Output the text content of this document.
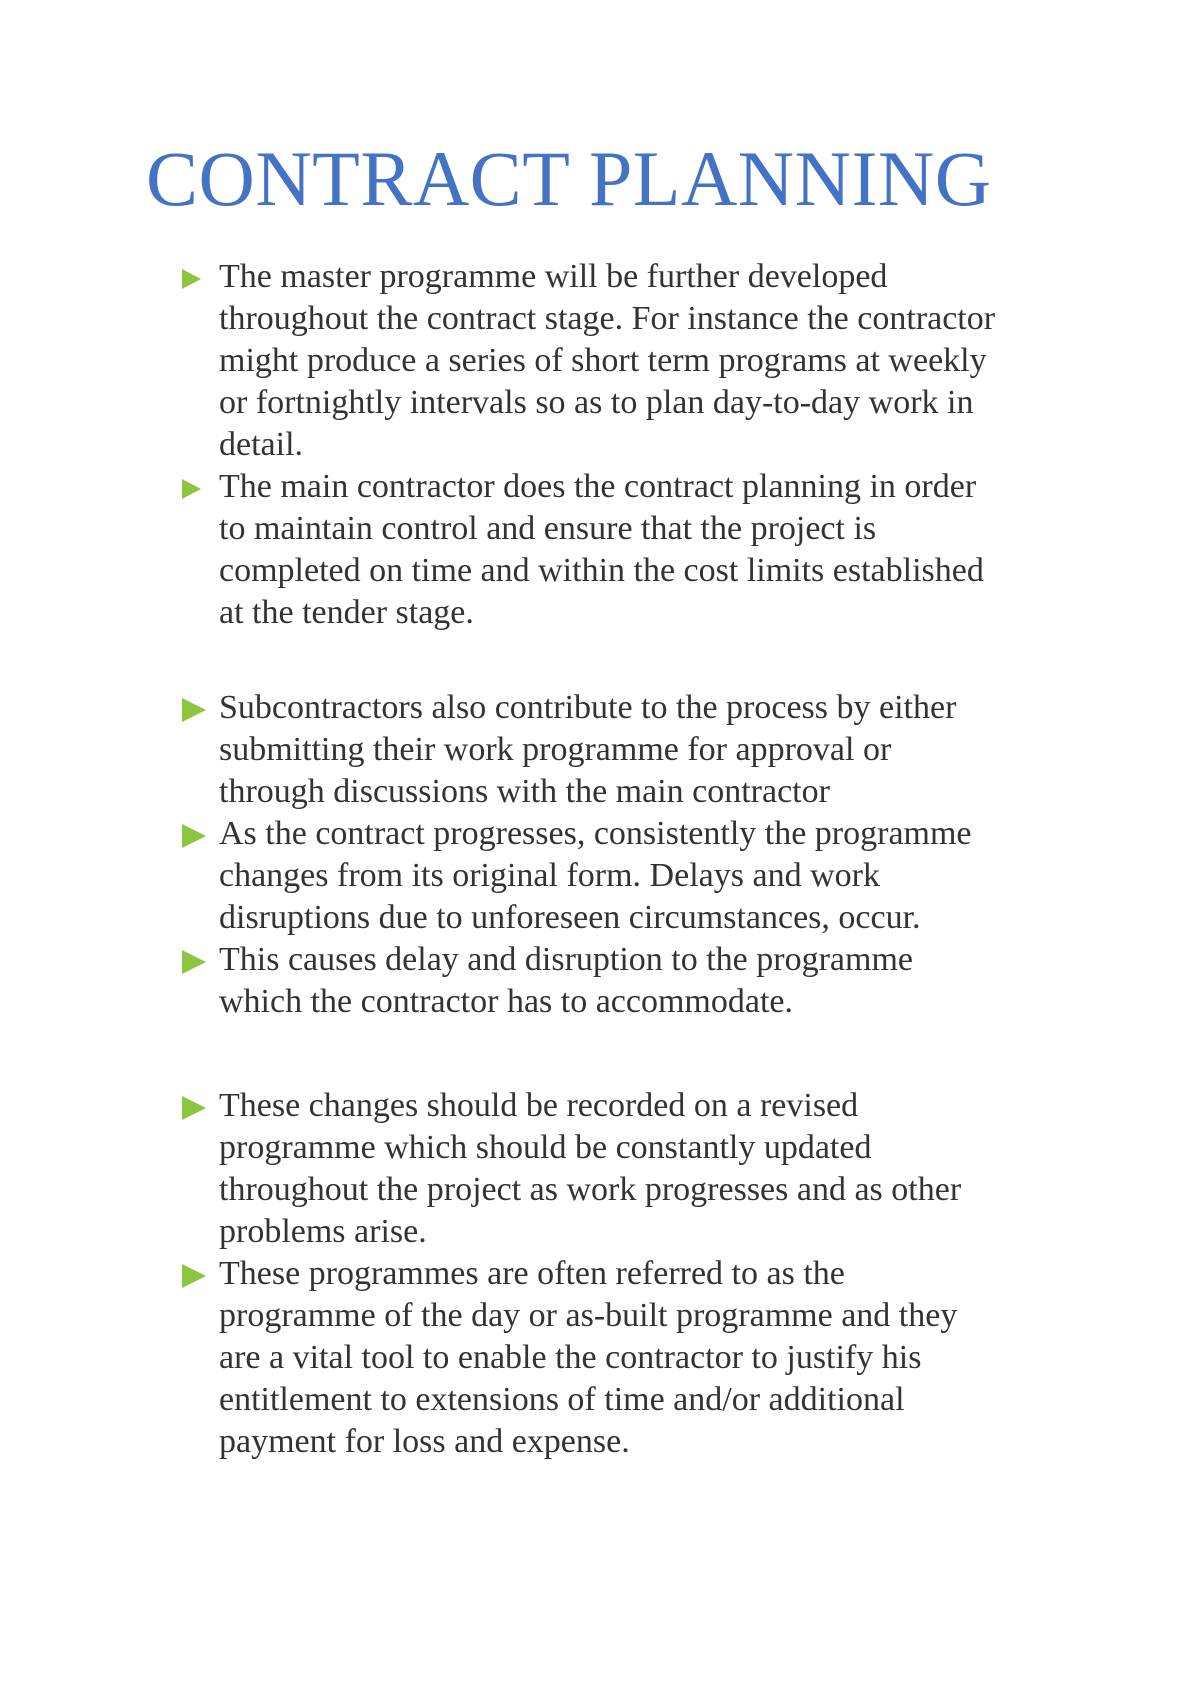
CONTRACT PLANNING
The master programme will be further developed
throughout the contract stage. For instance the contractor
might produce a series of short term programs at weekly
or fortnightly intervals so as to plan day-to-day work in
detail.
The main contractor does the contract planning in order
to maintain control and ensure that the project is
completed on time and within the cost limits established
at the tender stage.
Subcontractors also contribute to the process by either
submitting their work programme for approval or
through discussions with the main contractor
As the contract progresses, consistently the programme
changes from its original form. Delays and work
disruptions due to unforeseen circumstances, occur.
This causes delay and disruption to the programme
which the contractor has to accommodate.
These changes should be recorded on a revised
programme which should be constantly updated
throughout the project as work progresses and as other
problems arise.
These programmes are often referred to as the
programme of the day or as-built programme and they
are a vital tool to enable the contractor to justify his
entitlement to extensions of time and/or additional
payment for loss and expense.
